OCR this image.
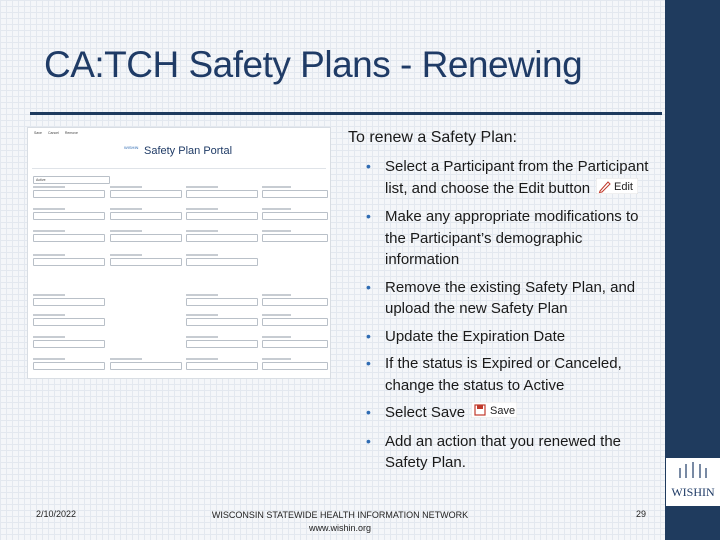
CA:TCH Safety Plans - Renewing
Save Cancel Remove
WISHIN Safety Plan Portal
Active
To renew a Safety Plan:
• Select a Participant from the Participant list, and choose the Edit button Edit
• Make any appropriate modifications to the Participant’s demographic information
• Remove the existing Safety Plan, and upload the new Safety Plan
• Update the Expiration Date
• If the status is Expired or Canceled, change the status to Active
• Select Save Save
• Add an action that you renewed the Safety Plan.
WISHIN
2/10/2022	WISCONSIN STATEWIDE HEALTH INFORMATION NETWORK
www.wishin.org
29
